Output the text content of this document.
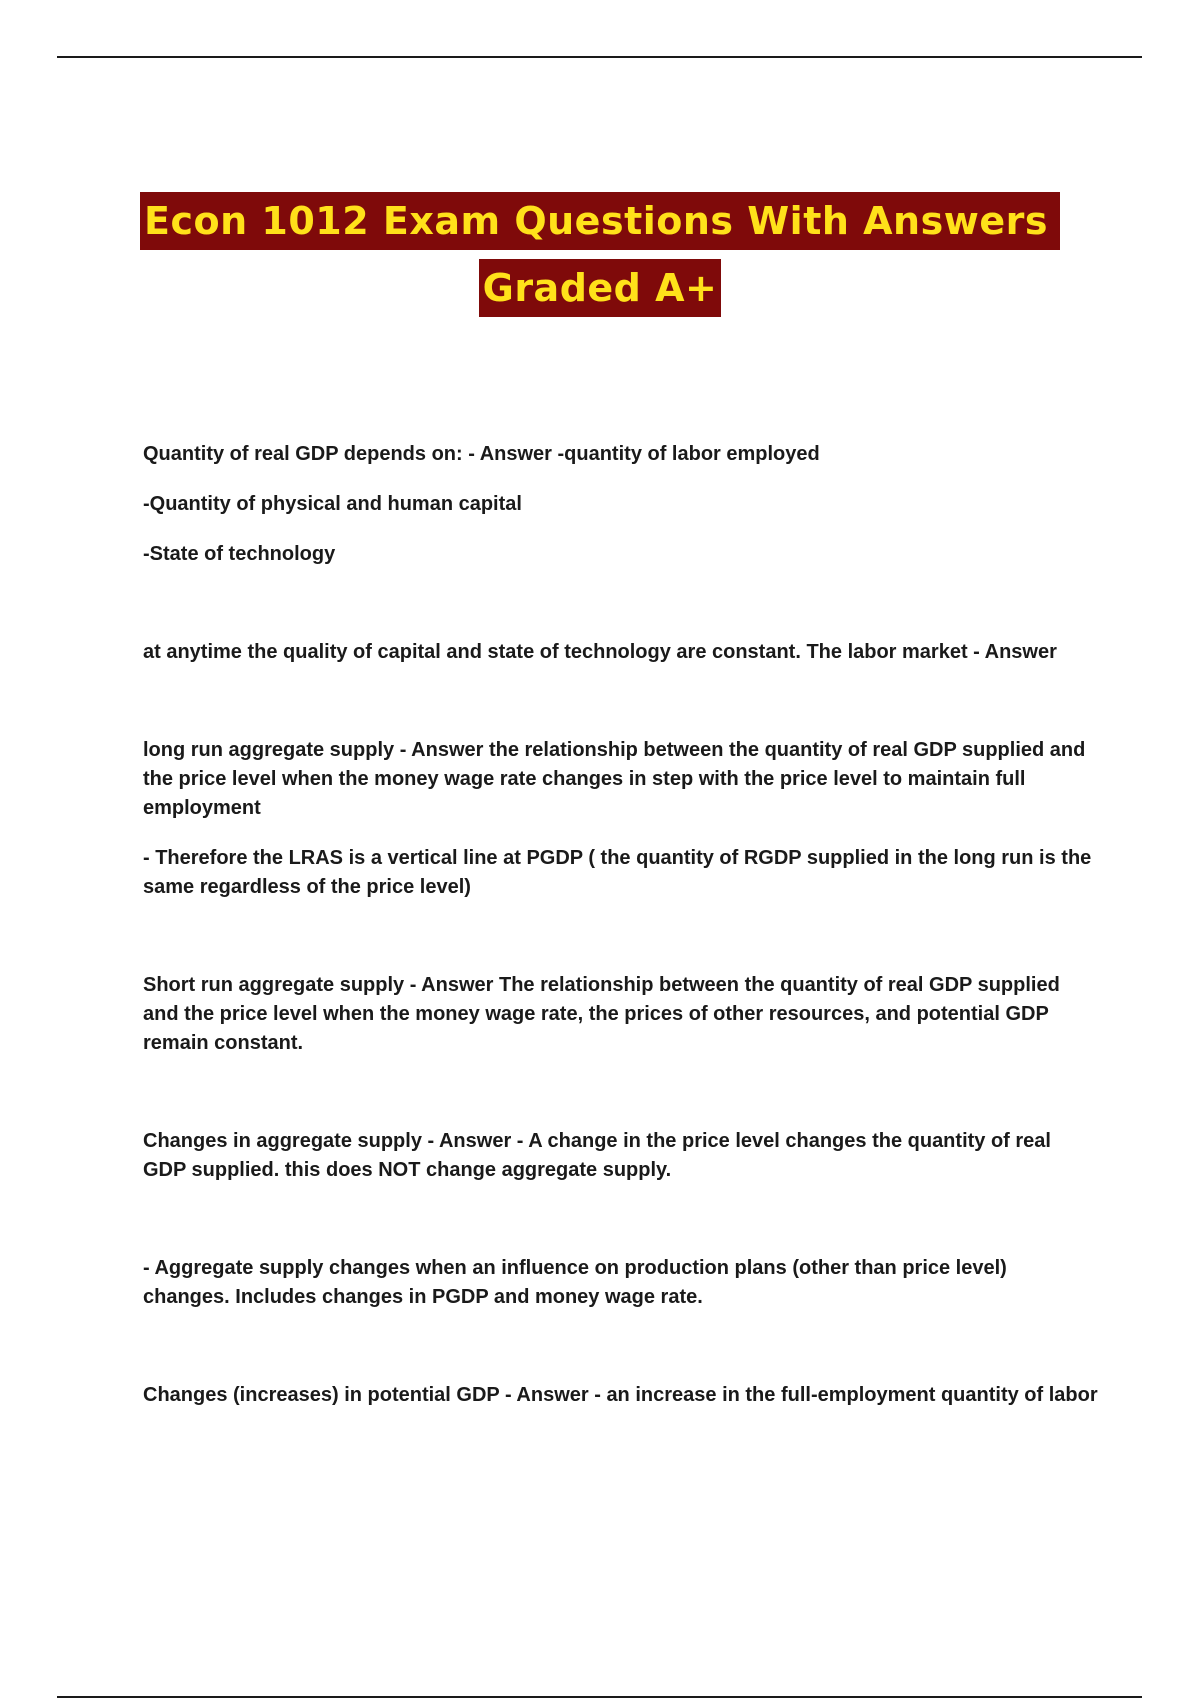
Econ 1012 Exam Questions With Answers
Graded A+

Quantity of real GDP depends on: - Answer -quantity of labor employed

-Quantity of physical and human capital

-State of technology

at anytime the quality of capital and state of technology are constant. The labor market - Answer

long run aggregate supply - Answer the relationship between the quantity of real GDP supplied and the price level when the money wage rate changes in step with the price level to maintain full employment

- Therefore the LRAS is a vertical line at PGDP ( the quantity of RGDP supplied in the long run is the same regardless of the price level)

Short run aggregate supply - Answer The relationship between the quantity of real GDP supplied and the price level when the money wage rate, the prices of other resources, and potential GDP remain constant.

Changes in aggregate supply - Answer - A change in the price level changes the quantity of real GDP supplied. this does NOT change aggregate supply.

- Aggregate supply changes when an influence on production plans (other than price level) changes. Includes changes in PGDP and money wage rate.

Changes (increases) in potential GDP - Answer - an increase in the full-employment quantity of labor
